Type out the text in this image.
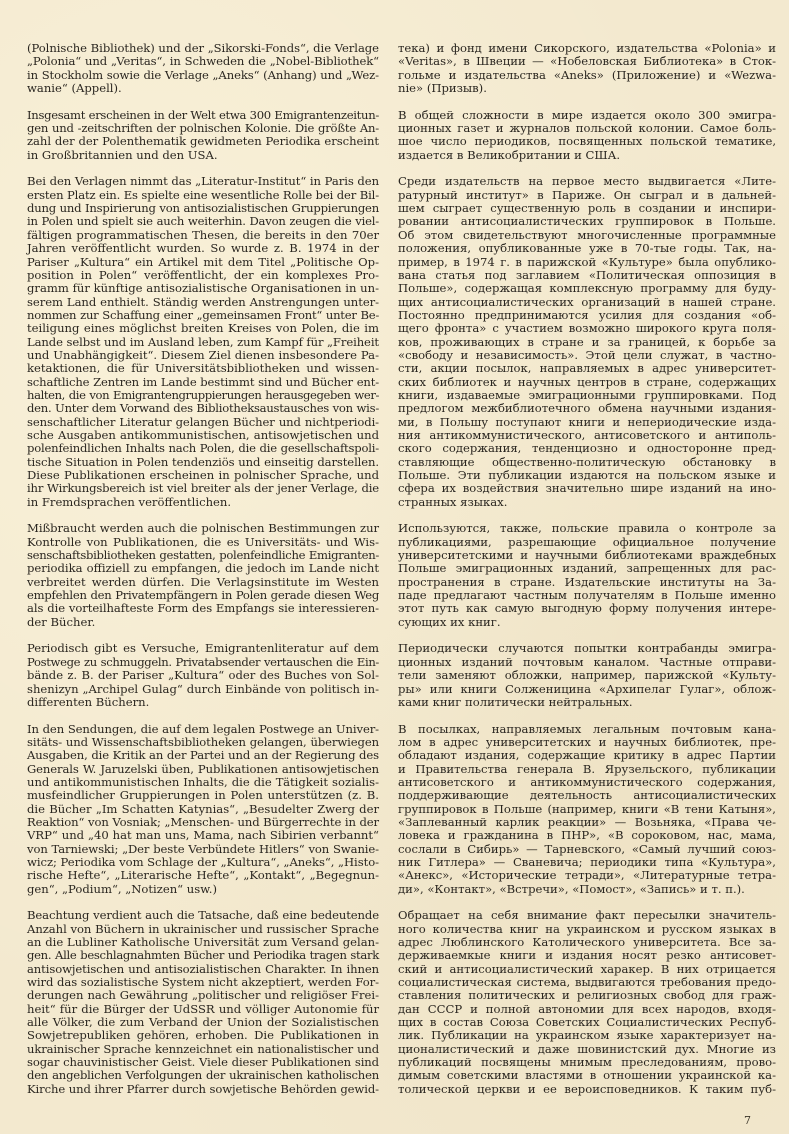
(Polnische Bibliothek) und der „Sikorski-Fonds“, die Verlage
„Polonia“ und „Veritas“, in Schweden die „Nobel-Bibliothek“
in Stockholm sowie die Verlage „Aneks“ (Anhang) und „Wez-
wanie“ (Appell).

Insgesamt erscheinen in der Welt etwa 300 Emigrantenzeitun-
gen und -zeitschriften der polnischen Kolonie. Die größte An-
zahl der der Polenthematik gewidmeten Periodika erscheint
in Großbritannien und den USA.

Bei den Verlagen nimmt das „Literatur-Institut“ in Paris den
ersten Platz ein. Es spielte eine wesentliche Rolle bei der Bil-
dung und Inspirierung von antisozialistischen Gruppierungen
in Polen und spielt sie auch weiterhin. Davon zeugen die viel-
fältigen programmatischen Thesen, die bereits in den 70er
Jahren veröffentlicht wurden. So wurde z. B. 1974 in der
Pariser „Kultura“ ein Artikel mit dem Titel „Politische Op-
position in Polen“ veröffentlicht, der ein komplexes Pro-
gramm für künftige antisozialistische Organisationen in un-
serem Land enthielt. Ständig werden Anstrengungen unter-
nommen zur Schaffung einer „gemeinsamen Front“ unter Be-
teiligung eines möglichst breiten Kreises von Polen, die im
Lande selbst und im Ausland leben, zum Kampf für „Freiheit
und Unabhängigkeit“. Diesem Ziel dienen insbesondere Pa-
ketaktionen, die für Universitätsbibliotheken und wissen-
schaftliche Zentren im Lande bestimmt sind und Bücher ent-
halten, die von Emigrantengruppierungen herausgegeben wer-
den. Unter dem Vorwand des Bibliotheksaustausches von wis-
senschaftlicher Literatur gelangen Bücher und nichtperiodi-
sche Ausgaben antikommunistischen, antisowjetischen und
polenfeindlichen Inhalts nach Polen, die die gesellschaftspoli-
tische Situation in Polen tendenziös und einseitig darstellen.
Diese Publikationen erscheinen in polnischer Sprache, und
ihr Wirkungsbereich ist viel breiter als der jener Verlage, die
in Fremdsprachen veröffentlichen.

Mißbraucht werden auch die polnischen Bestimmungen zur
Kontrolle von Publikationen, die es Universitäts- und Wis-
senschaftsbibliotheken gestatten, polenfeindliche Emigranten-
periodika offiziell zu empfangen, die jedoch im Lande nicht
verbreitet werden dürfen. Die Verlagsinstitute im Westen
empfehlen den Privatempfängern in Polen gerade diesen Weg
als die vorteilhafteste Form des Empfangs sie interessieren-
der Bücher.

Periodisch gibt es Versuche, Emigrantenliteratur auf dem
Postwege zu schmuggeln. Privatabsender vertauschen die Ein-
bände z. B. der Pariser „Kultura“ oder des Buches von Sol-
shenizyn „Archipel Gulag“ durch Einbände von politisch in-
differenten Büchern.

In den Sendungen, die auf dem legalen Postwege an Univer-
sitäts- und Wissenschaftsbibliotheken gelangen, überwiegen
Ausgaben, die Kritik an der Partei und an der Regierung des
Generals W. Jaruzelski üben, Publikationen antisowjetischen
und antikommunistischen Inhalts, die die Tätigkeit sozialis-
musfeindlicher Gruppierungen in Polen unterstützen (z. B.
die Bücher „Im Schatten Katynias“, „Besudelter Zwerg der
Reaktion“ von Vosniak; „Menschen- und Bürgerrechte in der
VRP“ und „40 hat man uns, Mama, nach Sibirien verbannt“
von Tarniewski; „Der beste Verbündete Hitlers“ von Swanie-
wicz; Periodika vom Schlage der „Kultura“, „Aneks“, „Histo-
rische Hefte“, „Literarische Hefte“, „Kontakt“, „Begegnun-
gen“, „Podium“, „Notizen“ usw.)

Beachtung verdient auch die Tatsache, daß eine bedeutende
Anzahl von Büchern in ukrainischer und russischer Sprache
an die Lubliner Katholische Universität zum Versand gelan-
gen. Alle beschlagnahmten Bücher und Periodika tragen stark
antisowjetischen und antisozialistischen Charakter. In ihnen
wird das sozialistische System nicht akzeptiert, werden For-
derungen nach Gewährung „politischer und religiöser Frei-
heit“ für die Bürger der UdSSR und völliger Autonomie für
alle Völker, die zum Verband der Union der Sozialistischen
Sowjetrepubliken gehören, erhoben. Die Publikationen in
ukrainischer Sprache kennzeichnet ein nationalistischer und
sogar chauvinistischer Geist. Viele dieser Publikationen sind
den angeblichen Verfolgungen der ukrainischen katholischen
Kirche und ihrer Pfarrer durch sowjetische Behörden gewid-

тека) и фонд имени Сикорского, издательства «Polonia» и
«Veritas», в Швеции — «Нобеловская Библиотека» в Сток-
гольме и издательства «Aneks» (Приложение) и «Wezwa-
nie» (Призыв).

В общей сложности в мире издается около 300 эмигра-
ционных газет и журналов польской колонии. Самое боль-
шое число периодиков, посвященных польской тематике,
издается в Великобритании и США.

Среди издательств на первое место выдвигается «Лите-
ратурный институт» в Париже. Он сыграл и в дальней-
шем сыграет существенную роль в создании и инспири-
ровании антисоциалистических группировок в Польше.
Об этом свидетельствуют многочисленные программные
положения, опубликованные уже в 70-тые годы. Так, на-
пример, в 1974 г. в парижской «Культуре» была опублико-
вана статья под заглавием «Политическая оппозиция в
Польше», содержащая комплексную программу для буду-
щих антисоциалистических организаций в нашей стране.
Постоянно предпринимаются усилия для создания «об-
щего фронта» с участием возможно широкого круга поля-
ков, проживающих в стране и за границей, к борьбе за
«свободу и независимость». Этой цели служат, в частно-
сти, акции посылок, направляемых в адрес университет-
ских библиотек и научных центров в стране, содержащих
книги, издаваемые эмиграционными группировками. Под
предлогом межбиблиотечного обмена научными издания-
ми, в Польшу поступают книги и непериодические изда-
ния антикоммунистического, антисоветского и антиполь-
ского содержания, тенденциозно и односторонне пред-
ставляющие общественно-политическую обстановку в
Польше. Эти публикации издаются на польском языке и
сфера их воздействия значительно шире изданий на ино-
странных языках.

Используются, также, польские правила о контроле за
публикациями, разрешающие официальное получение
университетскими и научными библиотеками враждебных
Польше эмиграционных изданий, запрещенных для рас-
пространения в стране. Издательские институты на За-
паде предлагают частным получателям в Польше именно
этот путь как самую выгодную форму получения интере-
сующих их книг.

Периодически случаются попытки контрабанды эмигра-
ционных изданий почтовым каналом. Частные отправи-
тели заменяют обложки, например, парижской «Культу-
ры» или книги Солженицина «Архипелаг Гулаг», облож-
ками книг политически нейтральных.

В посылках, направляемых легальным почтовым кана-
лом в адрес университетских и научных библиотек, пре-
обладают издания, содержащие критику в адрес Партии
и Правительства генерала В. Ярузельского, публикации
антисоветского и антикоммунистического содержания,
поддерживающие деятельность антисоциалистических
группировок в Польше (например, книги «В тени Катыня»,
«Заплеванный карлик реакции» — Возьняка, «Права че-
ловека и гражданина в ПНР», «В сороковом, нас, мама,
сослали в Сибирь» — Тарневского, «Самый лучший союз-
ник Гитлера» — Сваневича; периодики типа «Культура»,
«Анекс», «Исторические тетради», «Литературные тетра-
ди», «Контакт», «Встречи», «Помост», «Запись» и т. п.).

Обращает на себя внимание факт пересылки значитель-
ного количества книг на украинском и русском языках в
адрес Люблинского Католического университета. Все за-
держиваемкые книги и издания носят резко антисовет-
ский и антисоциалистический харакер. В них отрицается
социалистическая система, выдвигаются требования предо-
ставления политических и религиозных свобод для граж-
дан СССР и полной автономии для всех народов, входя-
щих в состав Союза Советских Социалистических Респуб-
лик. Публикации на украинском языке характеризует на-
ционалистический и даже шовинистский дух. Многие из
публикаций посвящены мнимым преследованиям, прово-
димым советскими властями в отношении украинской ка-
толической церкви и ее вероисповедников. К таким пуб-

7
